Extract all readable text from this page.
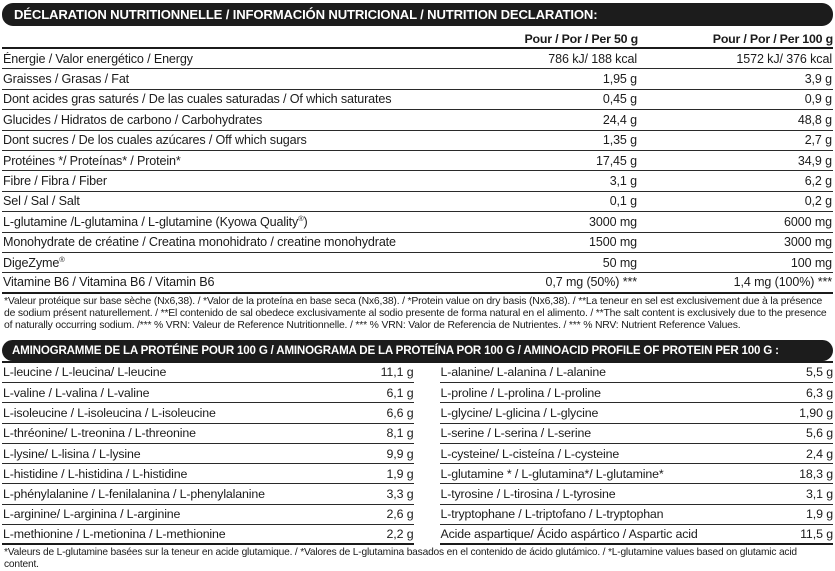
DÉCLARATION NUTRITIONNELLE / INFORMACIÓN NUTRICIONAL / NUTRITION DECLARATION:
Pour / Por / Per 50 g	Pour / Por / Per 100 g
Énergie / Valor energético / Energy	786 kJ/ 188 kcal	1572 kJ/ 376 kcal
Graisses / Grasas / Fat	1,95 g	3,9 g
Dont acides gras saturés / De las cuales saturadas / Of which saturates	0,45 g	0,9 g
Glucides / Hidratos de carbono / Carbohydrates	24,4 g	48,8 g
Dont sucres / De los cuales azúcares / Off which sugars	1,35 g	2,7 g
Protéines */ Proteínas* / Protein*	17,45 g	34,9 g
Fibre / Fibra / Fiber	3,1 g	6,2 g
Sel / Sal / Salt	0,1 g	0,2 g
L-glutamine /L-glutamina / L-glutamine (Kyowa Quality®)	3000 mg	6000 mg
Monohydrate de créatine / Creatina monohidrato / creatine monohydrate	1500 mg	3000 mg
DigeZyme®	50 mg	100 mg
Vitamine B6 / Vitamina B6 / Vitamin B6	0,7 mg (50%) ***	1,4 mg (100%) ***
*Valeur protéique sur base sèche (Nx6,38). / *Valor de la proteína en base seca (Nx6,38). / *Protein value on dry basis (Nx6,38). / **La teneur en sel est exclusivement due à la présence de sodium présent naturellement. / **El contenido de sal obedece exclusivamente al sodio presente de forma natural en el alimento. / **The salt content is exclusively due to the presence of naturally occurring sodium. /*** % VRN: Valeur de Reference Nutritionnelle. / *** % VRN: Valor de Referencia de Nutrientes. / *** % NRV: Nutrient Reference Values.
AMINOGRAMME DE LA PROTÉINE POUR 100 G / AMINOGRAMA DE LA PROTEÍNA POR 100 G / AMINOACID PROFILE OF PROTEIN PER 100 G :
L-leucine / L-leucina/ L-leucine	11,1 g
L-valine / L-valina / L-valine	6,1 g
L-isoleucine / L-isoleucina / L-isoleucine	6,6 g
L-thréonine/ L-treonina / L-threonine	8,1 g
L-lysine/ L-lisina / L-lysine	9,9 g
L-histidine / L-histidina / L-histidine	1,9 g
L-phénylalanine / L-fenilalanina / L-phenylalanine	3,3 g
L-arginine/ L-arginina / L-arginine	2,6 g
L-methionine / L-metionina / L-methionine	2,2 g
L-alanine/ L-alanina / L-alanine	5,5 g
L-proline / L-prolina / L-proline	6,3 g
L-glycine/ L-glicina / L-glycine	1,90 g
L-serine / L-serina / L-serine	5,6 g
L-cysteine/ L-cisteína / L-cysteine	2,4 g
L-glutamine * / L-glutamina*/ L-glutamine*	18,3 g
L-tyrosine / L-tirosina / L-tyrosine	3,1 g
L-tryptophane / L-triptofano / L-tryptophan	1,9 g
Acide aspartique/ Ácido aspártico / Aspartic acid	11,5 g
*Valeurs de L-glutamine basées sur la teneur en acide glutamique. / *Valores de L-glutamina basados en el contenido de ácido glutámico. / *L-glutamine values based on glutamic acid content.
